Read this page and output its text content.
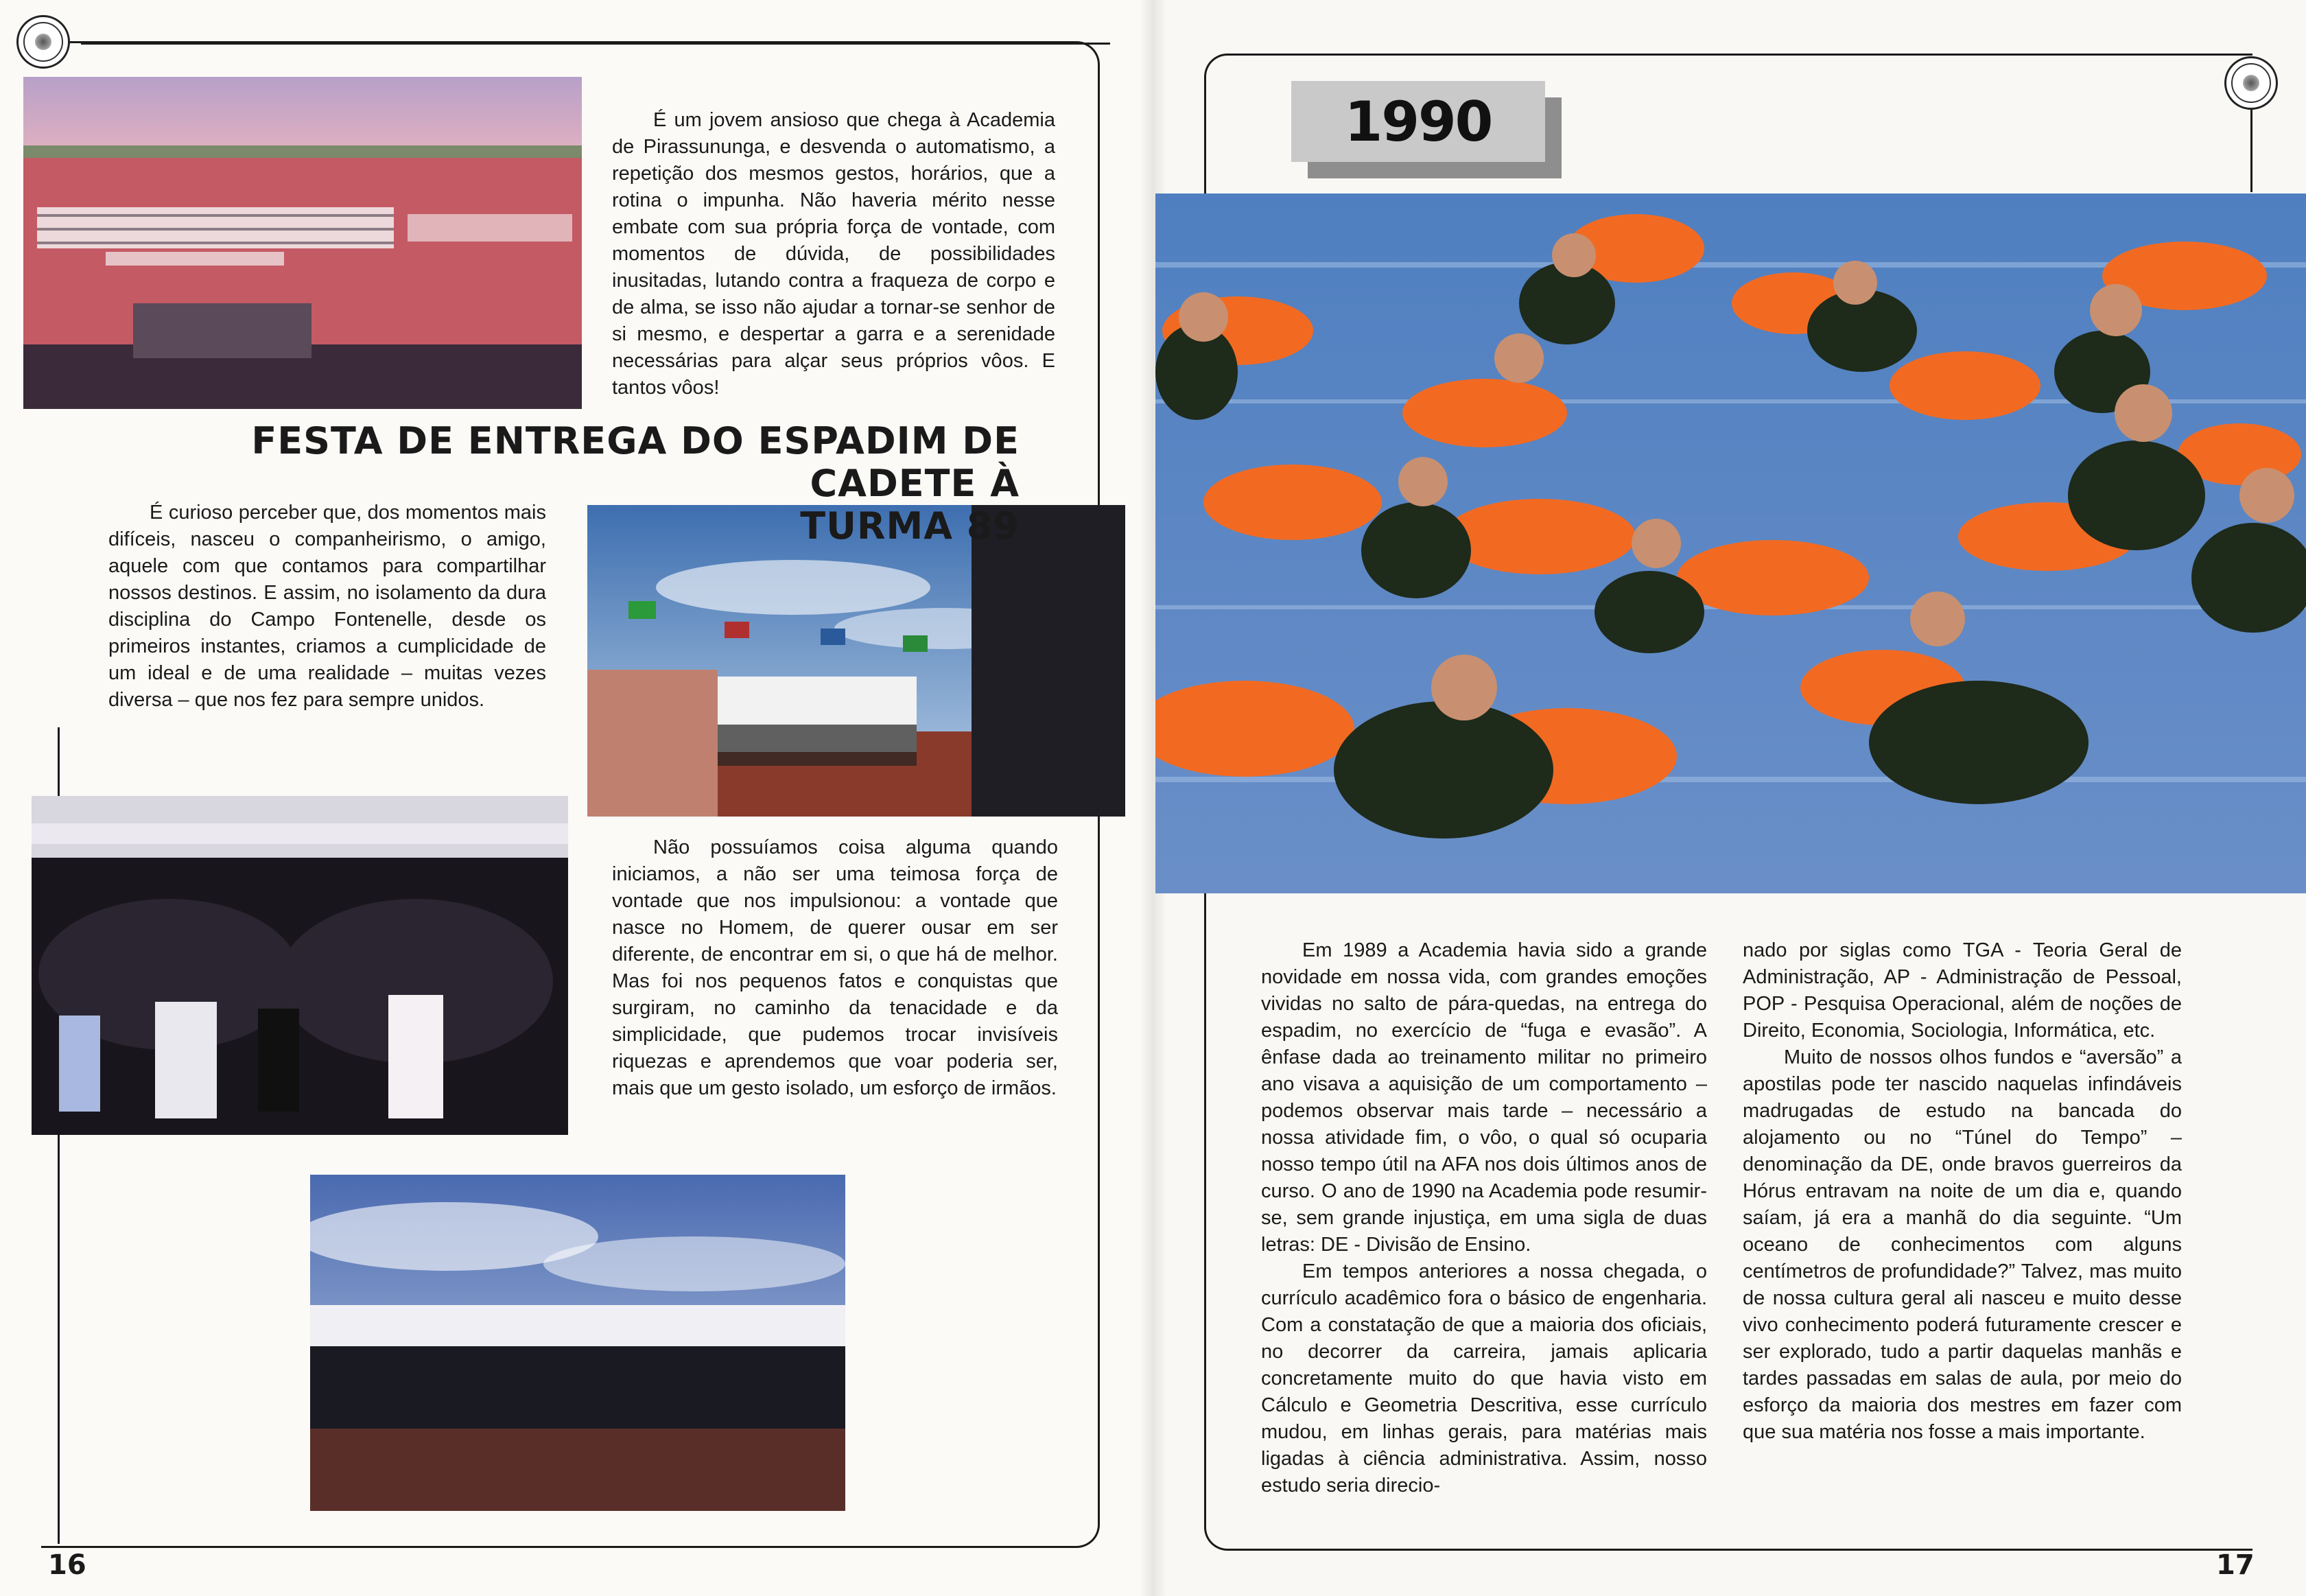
É um jovem ansioso que chega à Academia de Pirassununga, e desvenda o automatismo, a repetição dos mesmos gestos, horários, que a rotina o impunha. Não haveria mérito nesse embate com sua própria força de vontade, com momentos de dúvida, de possibilidades inusitadas, lutando contra a fraqueza de corpo e de alma, se isso não ajudar a tornar-se senhor de si mesmo, e despertar a garra e a serenidade necessárias para alçar seus próprios vôos. E tantos vôos!

FESTA DE ENTREGA DO ESPADIM DE CADETE À
TURMA 89

É curioso perceber que, dos momentos mais difíceis, nasceu o companheirismo, o amigo, aquele com que contamos para compartilhar nossos destinos. E assim, no isolamento da dura disciplina do Campo Fontenelle, desde os primeiros instantes, criamos a cumplicidade de um ideal e de uma realidade – muitas vezes diversa – que nos fez para sempre unidos.

Não possuíamos coisa alguma quando iniciamos, a não ser uma teimosa força de vontade que nos impulsionou: a vontade que nasce no Homem, de querer ousar em ser diferente, de encontrar em si, o que há de melhor. Mas foi nos pequenos fatos e conquistas que surgiram, no caminho da tenacidade e da simplicidade, que pudemos trocar invisíveis riquezas e aprendemos que voar poderia ser, mais que um gesto isolado, um esforço de irmãos.

16
1990

Em 1989 a Academia havia sido a grande novidade em nossa vida, com grandes emoções vividas no salto de pára-quedas, na entrega do espadim, no exercício de “fuga e evasão”. A ênfase dada ao treinamento militar no primeiro ano visava a aquisição de um comportamento – podemos observar mais tarde – necessário a nossa atividade fim, o vôo, o qual só ocuparia nosso tempo útil na AFA nos dois últimos anos de curso. O ano de 1990 na Academia pode resumir-se, sem grande injustiça, em uma sigla de duas letras: DE - Divisão de Ensino.

Em tempos anteriores a nossa chegada, o currículo acadêmico fora o básico de engenharia. Com a constatação de que a maioria dos oficiais, no decorrer da carreira, jamais aplicaria concretamente muito do que havia visto em Cálculo e Geometria Descritiva, esse currículo mudou, em linhas gerais, para matérias mais ligadas à ciência administrativa. Assim, nosso estudo seria direcio-

nado por siglas como TGA - Teoria Geral de Administração, AP - Administração de Pessoal, POP - Pesquisa Operacional, além de noções de Direito, Economia, Sociologia, Informática, etc.

Muito de nossos olhos fundos e “aversão” a apostilas pode ter nascido naquelas infindáveis madrugadas de estudo na bancada do alojamento ou no “Túnel do Tempo” – denominação da DE, onde bravos guerreiros da Hórus entravam na noite de um dia e, quando saíam, já era a manhã do dia seguinte. “Um oceano de conhecimentos com alguns centímetros de profundidade?” Talvez, mas muito de nossa cultura geral ali nasceu e muito desse vivo conhecimento poderá futuramente crescer e ser explorado, tudo a partir daquelas manhãs e tardes passadas em salas de aula, por meio do esforço da maioria dos mestres em fazer com que sua matéria nos fosse a mais importante.

17
